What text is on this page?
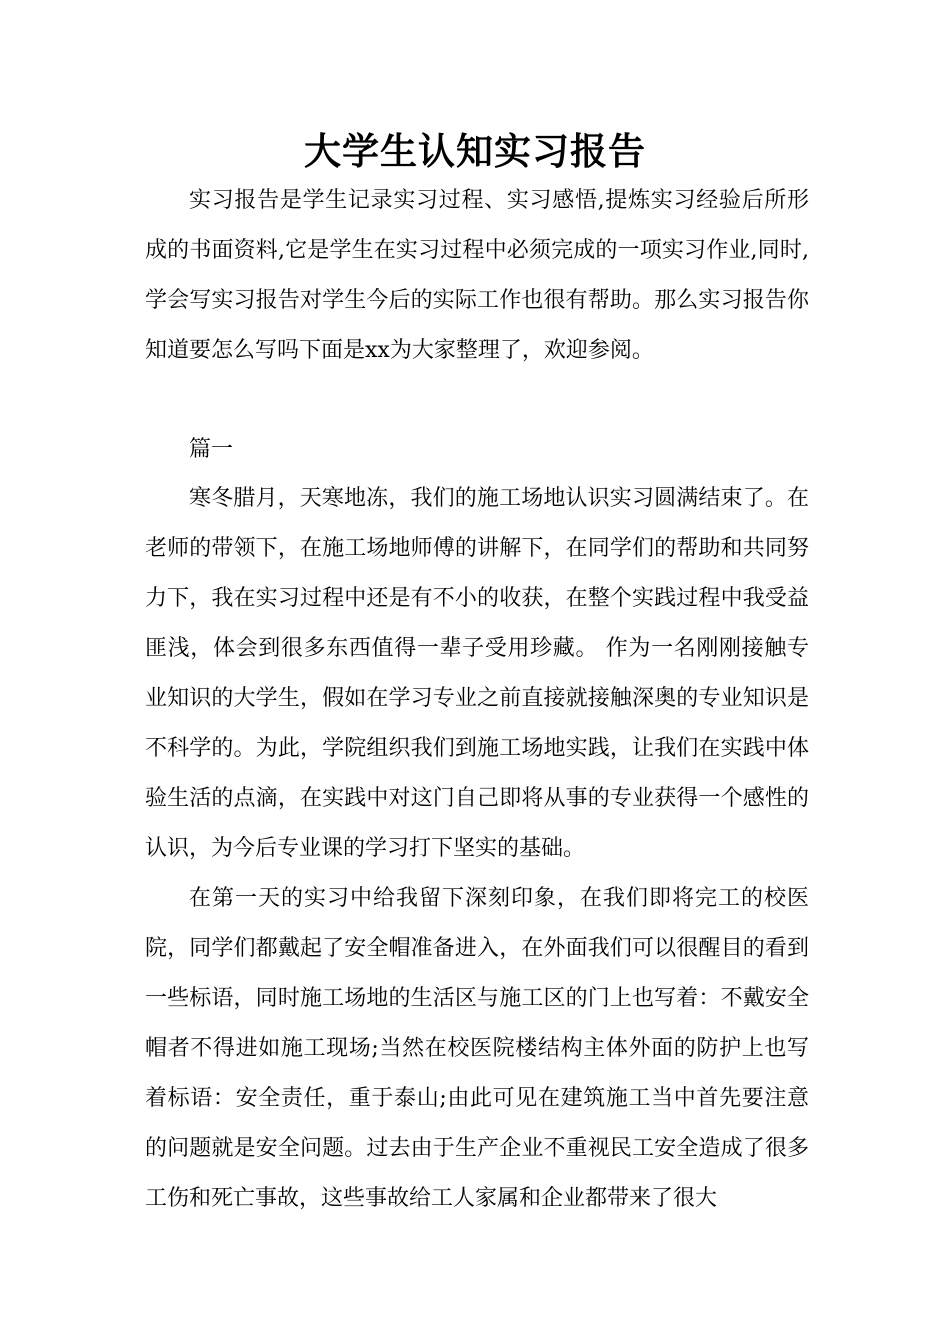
大学生认知实习报告

实习报告是学生记录实习过程、实习感悟,提炼实习经验后所形成的书面资料,它是学生在实习过程中必须完成的一项实习作业,同时,学会写实习报告对学生今后的实际工作也很有帮助。那么实习报告你知道要怎么写吗下面是xx为大家整理了，欢迎参阅。

篇一

寒冬腊月，天寒地冻，我们的施工场地认识实习圆满结束了。在老师的带领下，在施工场地师傅的讲解下，在同学们的帮助和共同努力下，我在实习过程中还是有不小的收获，在整个实践过程中我受益匪浅，体会到很多东西值得一辈子受用珍藏。 作为一名刚刚接触专业知识的大学生，假如在学习专业之前直接就接触深奥的专业知识是不科学的。为此，学院组织我们到施工场地实践，让我们在实践中体验生活的点滴，在实践中对这门自己即将从事的专业获得一个感性的认识，为今后专业课的学习打下坚实的基础。

在第一天的实习中给我留下深刻印象，在我们即将完工的校医院，同学们都戴起了安全帽准备进入，在外面我们可以很醒目的看到一些标语，同时施工场地的生活区与施工区的门上也写着：不戴安全帽者不得进如施工现场;当然在校医院楼结构主体外面的防护上也写着标语：安全责任，重于泰山;由此可见在建筑施工当中首先要注意的问题就是安全问题。过去由于生产企业不重视民工安全造成了很多工伤和死亡事故，这些事故给工人家属和企业都带来了很大
